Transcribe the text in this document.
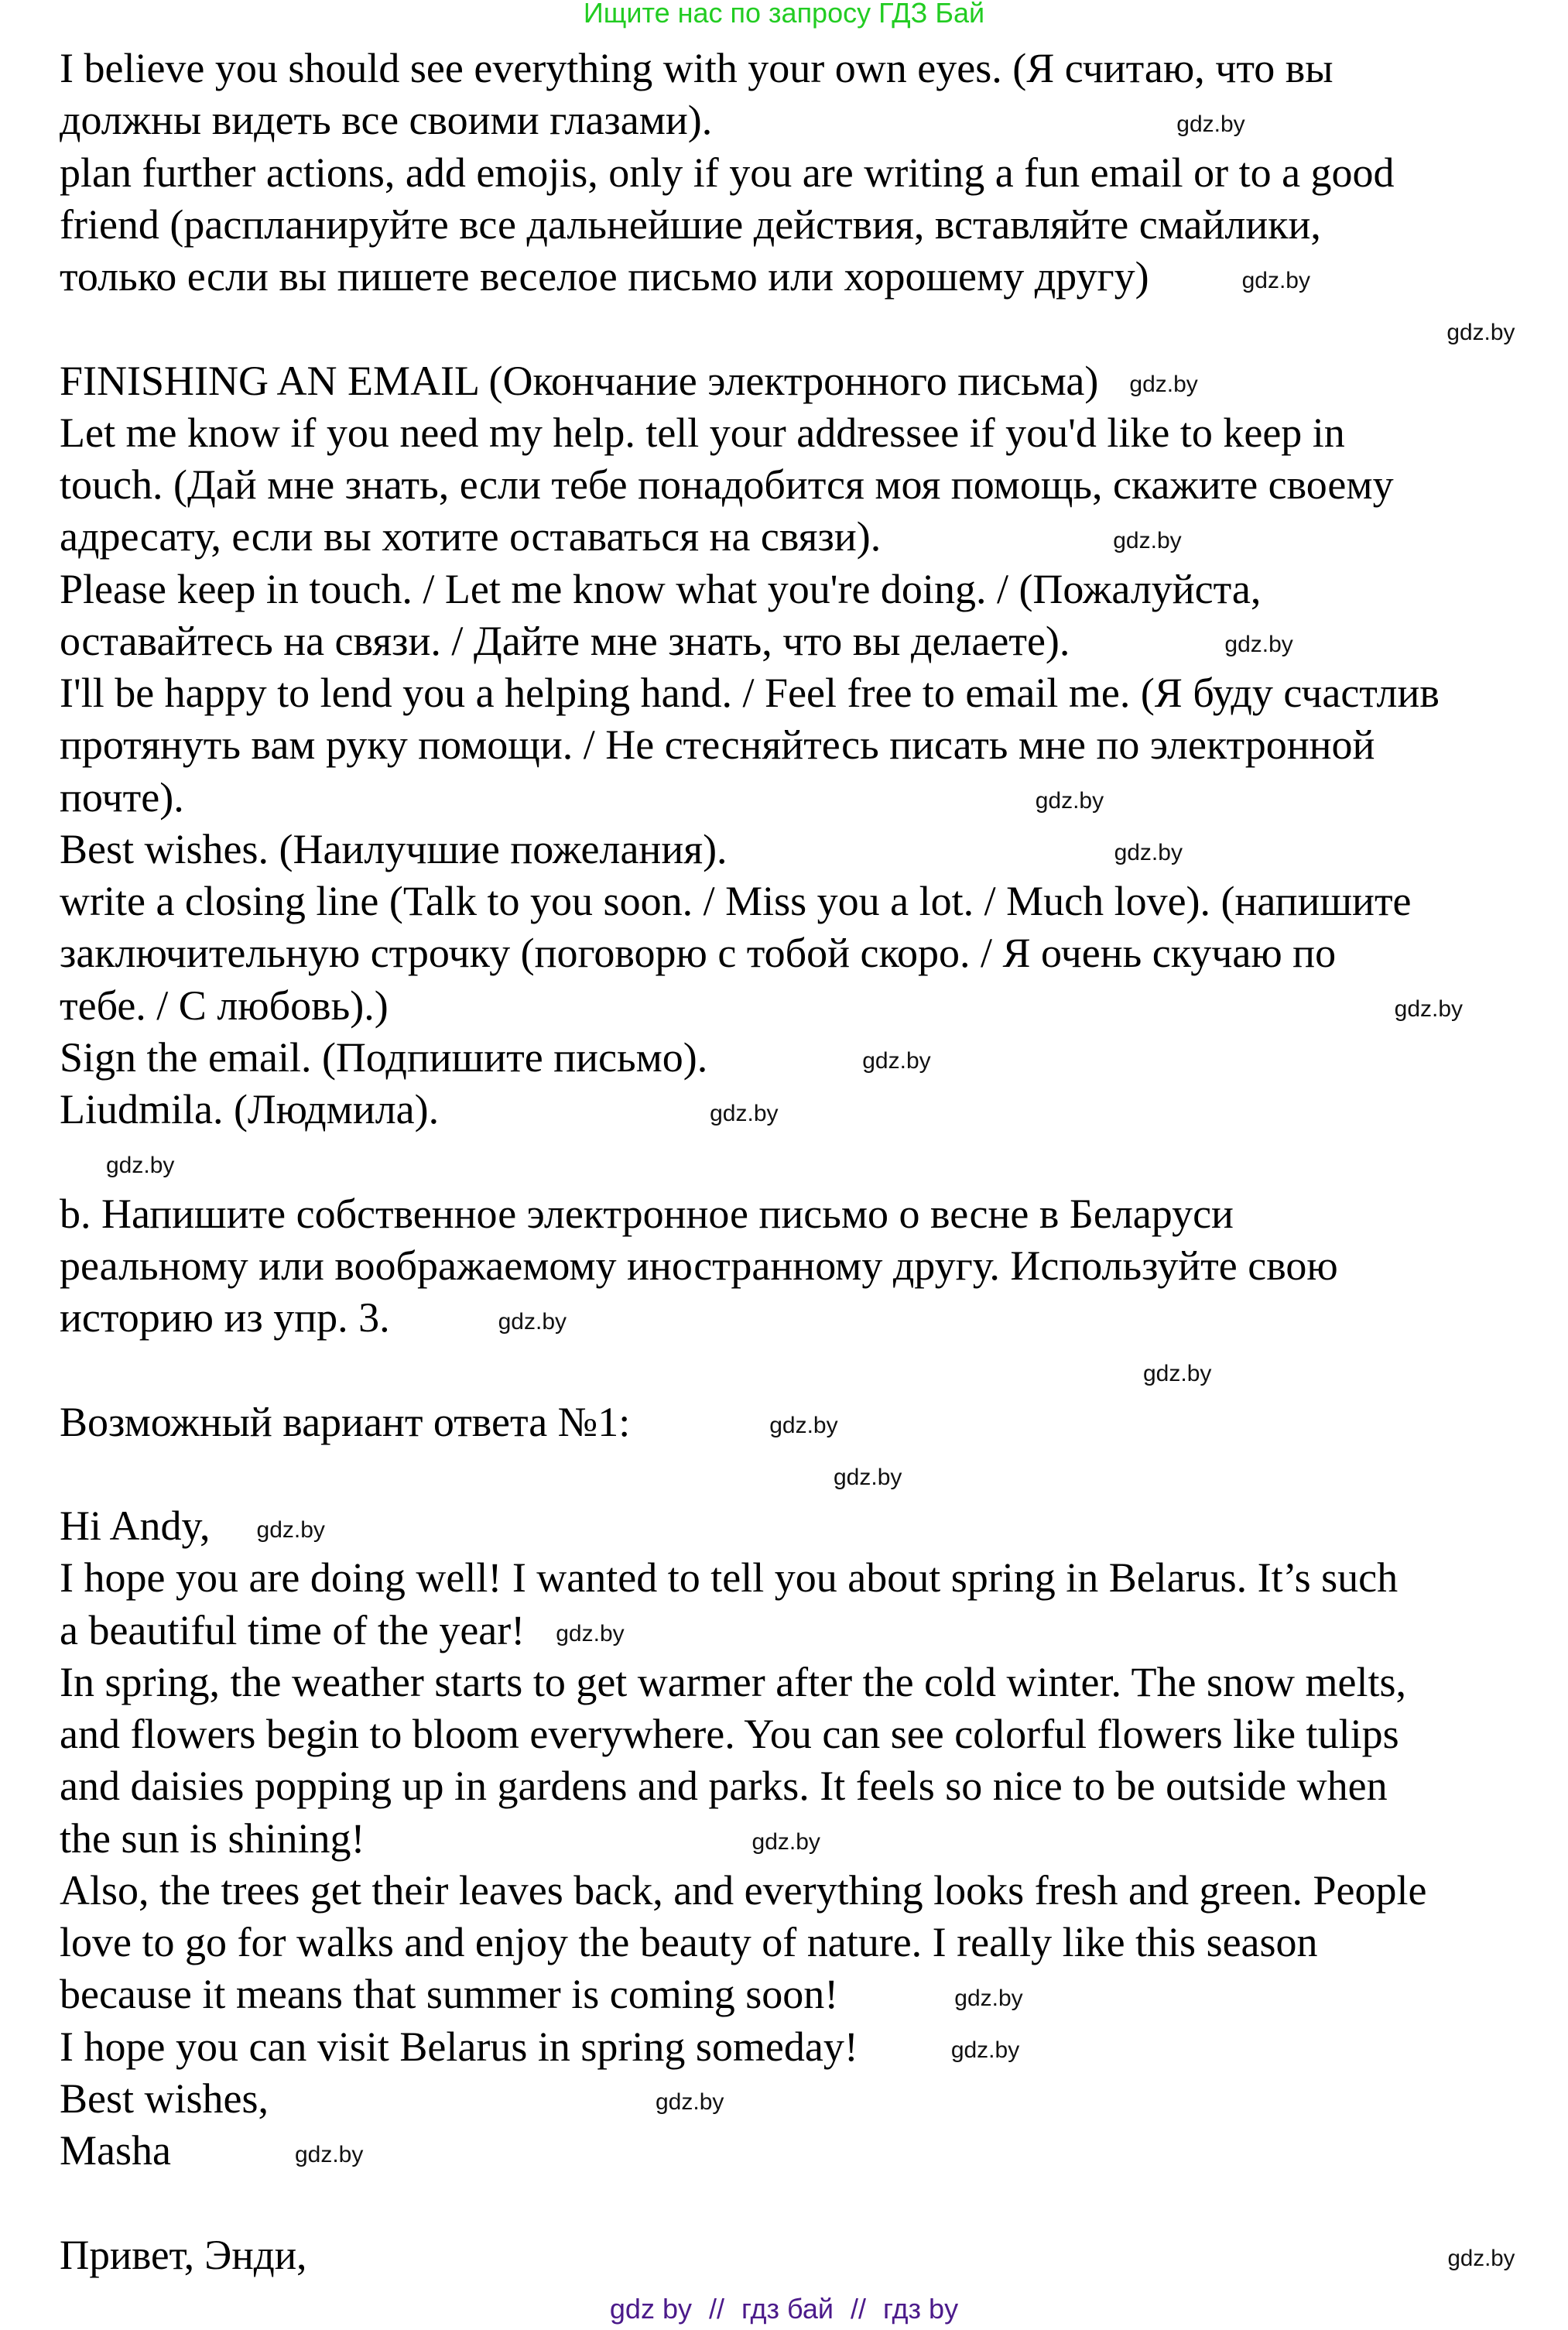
Ищите нас по запросу ГДЗ Бай
I believe you should see everything with your own eyes. (Я считаю, что вы
должны видеть все своими глазами).	gdz.by
plan further actions, add emojis, only if you are writing a fun email or to a good
friend (распланируйте все дальнейшие действия, вставляйте смайлики,
только если вы пишете веселое письмо или хорошему другу)	gdz.by
gdz.by
FINISHING AN EMAIL (Окончание электронного письма) gdz.by
Let me know if you need my help. tell your addressee if you'd like to keep in
touch. (Дай мне знать, если тебе понадобится моя помощь, скажите своему
адресату, если вы хотите оставаться на связи).	gdz.by
Please keep in touch. / Let me know what you're doing. / (Пожалуйста,
оставайтесь на связи. / Дайте мне знать, что вы делаете).	gdz.by
I'll be happy to lend you a helping hand. / Feel free to email me. (Я буду счастлив
протянуть вам руку помощи. / Не стесняйтесь писать мне по электронной
почте).	gdz.by
Best wishes. (Наилучшие пожелания).	gdz.by
write a closing line (Talk to you soon. / Miss you a lot. / Much love). (напишите
заключительную строчку (поговорю с тобой скоро. / Я очень скучаю по
тебе. / С любовь).)	gdz.by
Sign the email. (Подпишите письмо).	gdz.by
Liudmila. (Людмила).	gdz.by
gdz.by
b. Напишите собственное электронное письмо о весне в Беларуси
реальному или воображаемому иностранному другу. Используйте свою
историю из упр. 3.	gdz.by
gdz.by
Возможный вариант ответа №1:	gdz.by
gdz.by
Hi Andy, gdz.by
I hope you are doing well! I wanted to tell you about spring in Belarus. It’s such
a beautiful time of the year! gdz.by
In spring, the weather starts to get warmer after the cold winter. The snow melts,
and flowers begin to bloom everywhere. You can see colorful flowers like tulips
and daisies popping up in gardens and parks. It feels so nice to be outside when
the sun is shining!	gdz.by
Also, the trees get their leaves back, and everything looks fresh and green. People
love to go for walks and enjoy the beauty of nature. I really like this season
because it means that summer is coming soon!	gdz.by
I hope you can visit Belarus in spring someday!	gdz.by
Best wishes,	gdz.by
Masha	gdz.by
Привет, Энди,	gdz.by
gdz by // гдз бай // гдз by
